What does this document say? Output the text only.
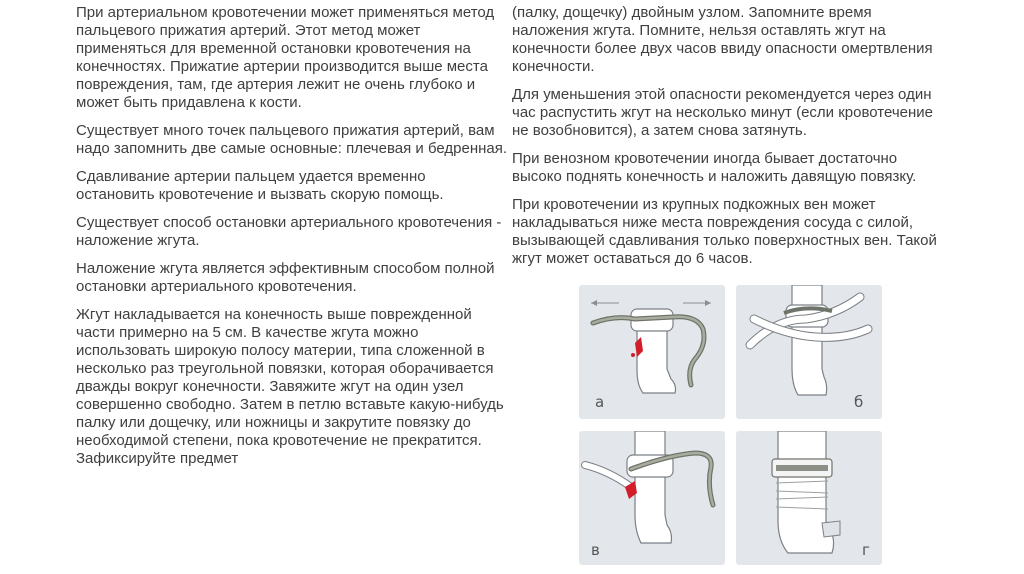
При артериальном кровотечении может применяться метод пальцевого прижатия артерий. Этот метод может применяться для временной остановки кровотечения на конечностях. Прижатие артерии производится выше места повреждения, там, где артерия лежит не очень глубоко и может быть придавлена к кости.

Существует много точек пальцевого прижатия артерий, вам надо запомнить две самые основные: плечевая и бедренная.

Сдавливание артерии пальцем удается временно остановить кровотечение и вызвать скорую помощь.

Существует способ остановки артериального кровотечения - наложение жгута.

Наложение жгута является эффективным способом полной остановки артериального кровотечения.

Жгут накладывается на конечность выше поврежденной части примерно на 5 см. В качестве жгута можно использовать широкую полосу материи, типа сложенной в несколько раз треугольной повязки, которая оборачивается дважды вокруг конечности. Завяжите жгут на один узел совершенно свободно. Затем в петлю вставьте какую-нибудь палку или дощечку, или ножницы и закрутите повязку до необходимой степени, пока кровотечение не прекратится. Зафиксируйте предмет

(палку, дощечку) двойным узлом. Запомните время наложения жгута. Помните, нельзя оставлять жгут на конечности более двух часов ввиду опасности омертвления конечности.

Для уменьшения этой опасности рекомендуется через один час распустить жгут на несколько минут (если кровотечение не возобновится), а затем снова затянуть.

При венозном кровотечении иногда бывает достаточно высоко поднять конечность и наложить давящую повязку.

При кровотечении из крупных подкожных вен может накладываться ниже места повреждения сосуда с силой, вызывающей сдавливания только поверхностных вен. Такой жгут может оставаться до 6 часов.

а	б
в	г
